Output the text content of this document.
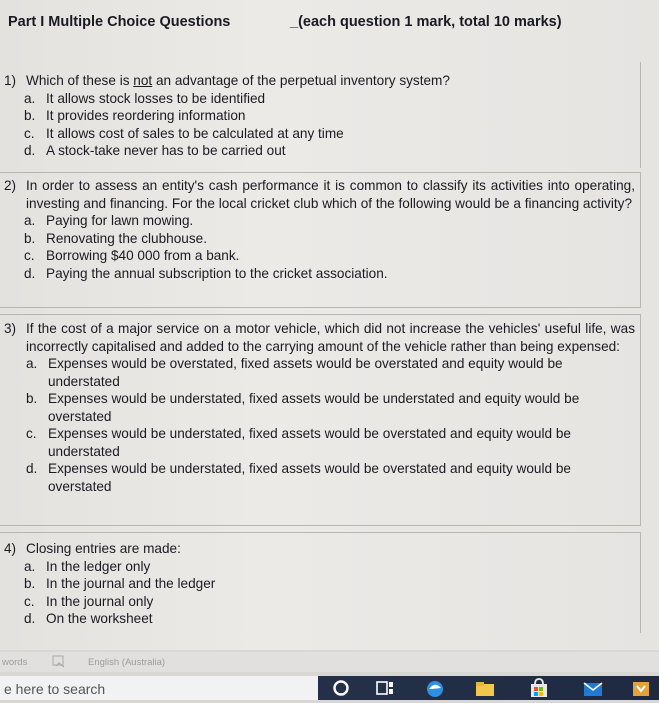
Part I Multiple Choice Questions	_(each question 1 mark, total 10 marks)
1) Which of these is not an advantage of the perpetual inventory system?
a. It allows stock losses to be identified
b. It provides reordering information
c. It allows cost of sales to be calculated at any time
d. A stock-take never has to be carried out
2) In order to assess an entity's cash performance it is common to classify its activities into operating, investing and financing. For the local cricket club which of the following would be a financing activity?
a. Paying for lawn mowing.
b. Renovating the clubhouse.
c. Borrowing $40 000 from a bank.
d. Paying the annual subscription to the cricket association.
3) If the cost of a major service on a motor vehicle, which did not increase the vehicles' useful life, was incorrectly capitalised and added to the carrying amount of the vehicle rather than being expensed:
a. Expenses would be overstated, fixed assets would be overstated and equity would be understated
b. Expenses would be understated, fixed assets would be understated and equity would be overstated
c. Expenses would be understated, fixed assets would be overstated and equity would be understated
d. Expenses would be understated, fixed assets would be overstated and equity would be overstated
4) Closing entries are made:
a. In the ledger only
b. In the journal and the ledger
c. In the journal only
d. On the worksheet
words	English (Australia)
e here to search
